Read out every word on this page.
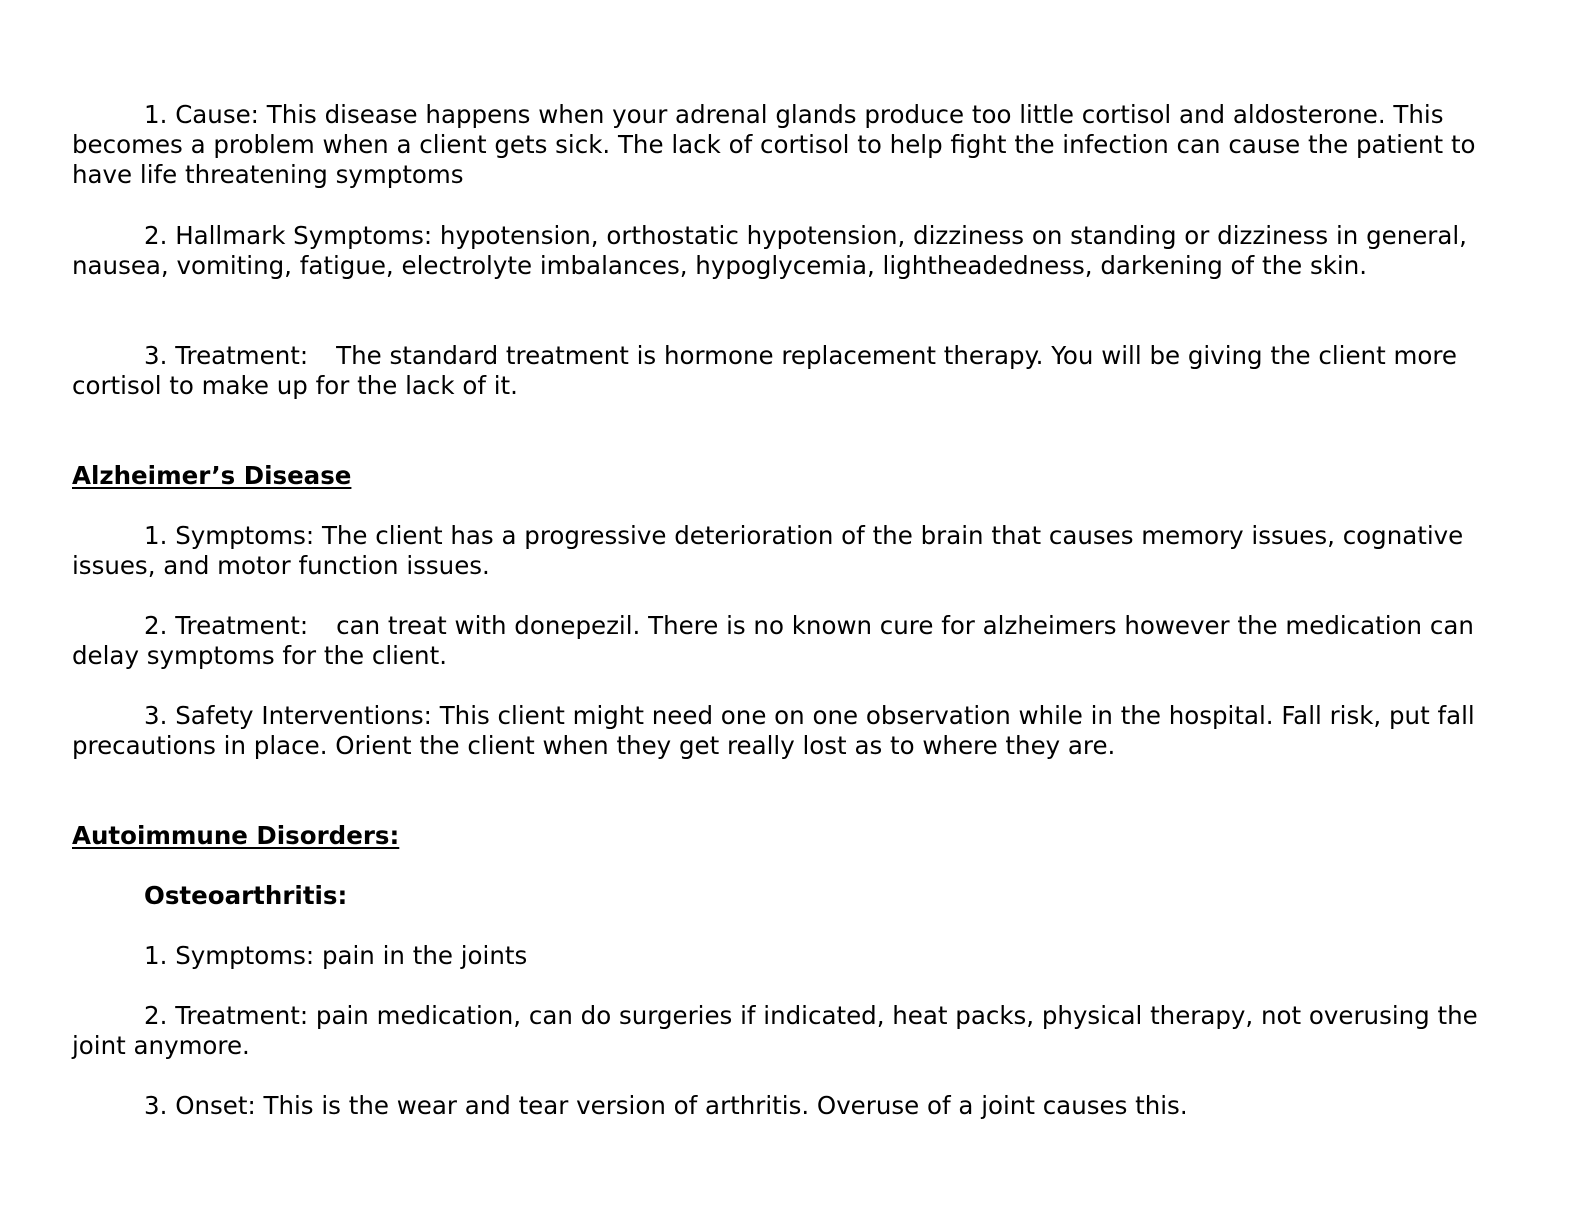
1. Cause: This disease happens when your adrenal glands produce too little cortisol and aldosterone. This becomes a problem when a client gets sick. The lack of cortisol to help fight the infection can cause the patient to have life threatening symptoms

2. Hallmark Symptoms: hypotension, orthostatic hypotension, dizziness on standing or dizziness in general, nausea, vomiting, fatigue, electrolyte imbalances, hypoglycemia, lightheadedness, darkening of the skin.

3. Treatment: The standard treatment is hormone replacement therapy. You will be giving the client more cortisol to make up for the lack of it.

Alzheimer’s Disease

1. Symptoms: The client has a progressive deterioration of the brain that causes memory issues, cognative issues, and motor function issues.

2. Treatment: can treat with donepezil. There is no known cure for alzheimers however the medication can delay symptoms for the client.

3. Safety Interventions: This client might need one on one observation while in the hospital. Fall risk, put fall precautions in place. Orient the client when they get really lost as to where they are.

Autoimmune Disorders:

Osteoarthritis:

1. Symptoms: pain in the joints

2. Treatment: pain medication, can do surgeries if indicated, heat packs, physical therapy, not overusing the joint anymore.

3. Onset: This is the wear and tear version of arthritis. Overuse of a joint causes this.
